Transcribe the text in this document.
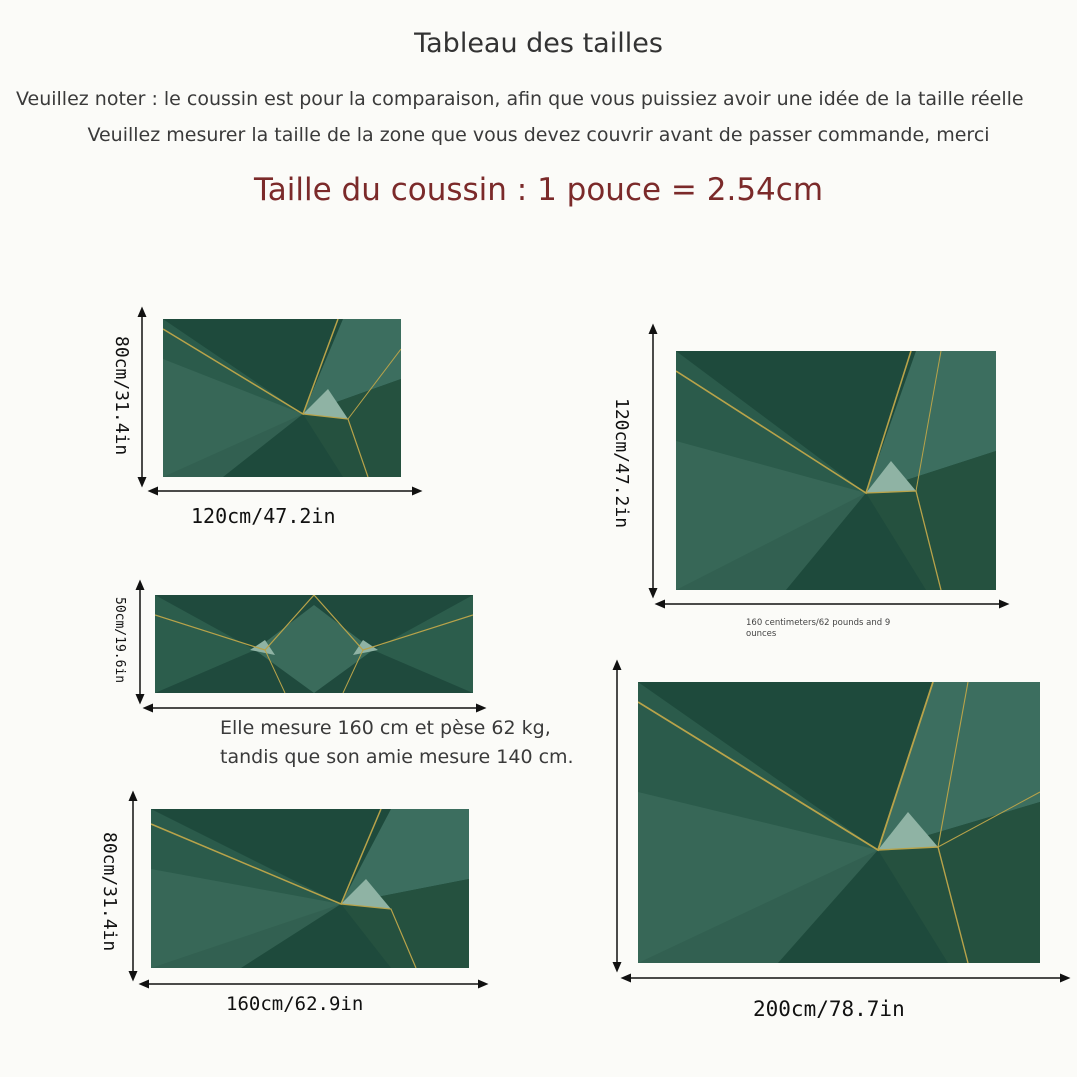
Tableau des tailles
Veuillez noter : le coussin est pour la comparaison, afin que vous puissiez avoir une idée de la taille réelle
Veuillez mesurer la taille de la zone que vous devez couvrir avant de passer commande, merci
Taille du coussin : 1 pouce = 2.54cm
80cm/31.4in
120cm/47.2in
50cm/19.6in
80cm/31.4in
160cm/62.9in
120cm/47.2in
160 centimeters/62 pounds and 9 ounces
200cm/78.7in
Elle mesure 160 cm et pèse 62 kg,
tandis que son amie mesure 140 cm.
